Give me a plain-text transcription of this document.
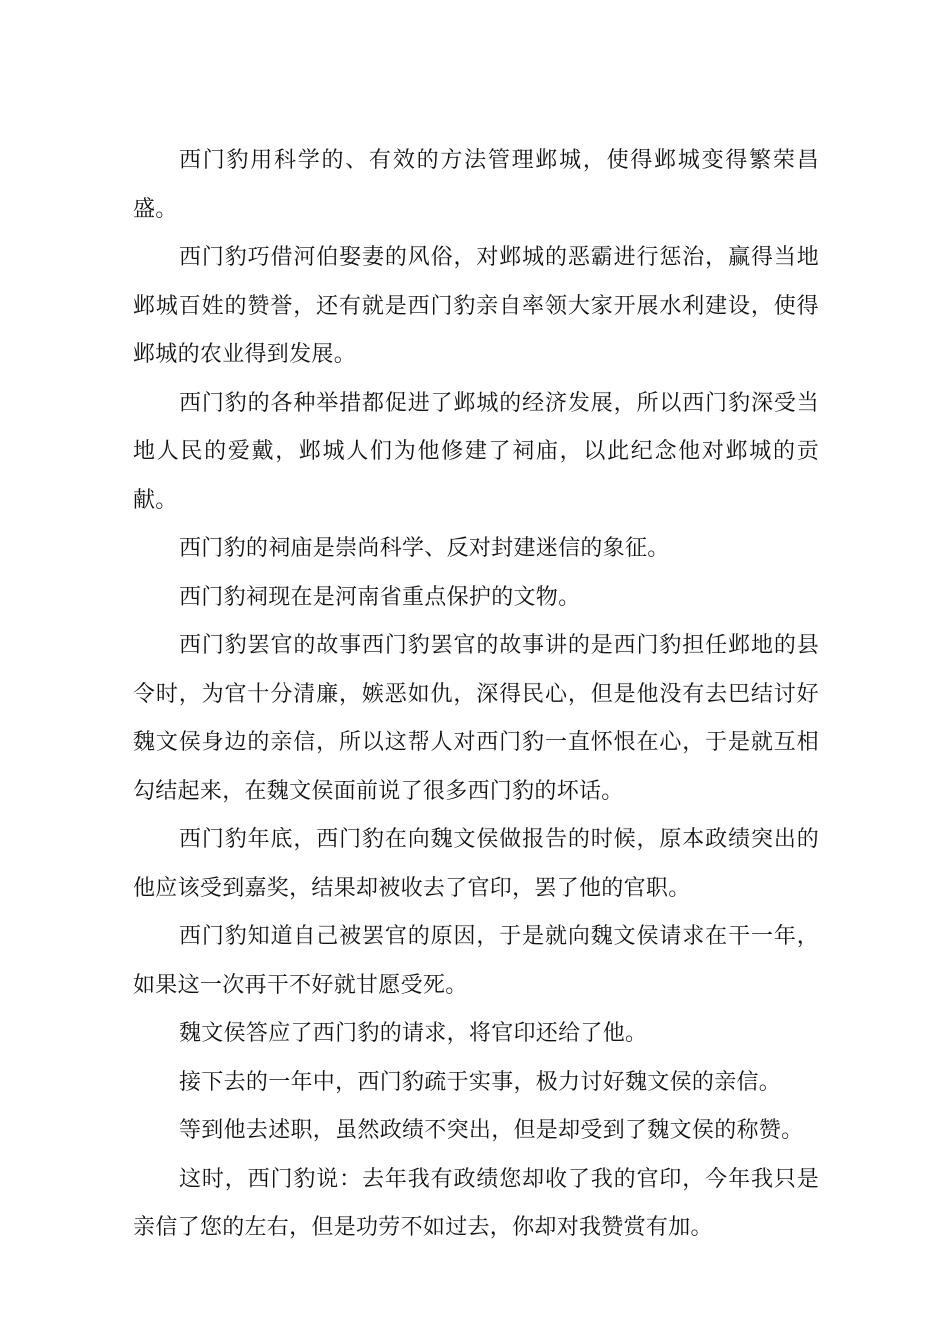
西门豹用科学的、有效的方法管理邺城，使得邺城变得繁荣昌盛。

西门豹巧借河伯娶妻的风俗，对邺城的恶霸进行惩治，赢得当地邺城百姓的赞誉，还有就是西门豹亲自率领大家开展水利建设，使得邺城的农业得到发展。

西门豹的各种举措都促进了邺城的经济发展，所以西门豹深受当地人民的爱戴，邺城人们为他修建了祠庙，以此纪念他对邺城的贡献。

西门豹的祠庙是崇尚科学、反对封建迷信的象征。

西门豹祠现在是河南省重点保护的文物。

西门豹罢官的故事西门豹罢官的故事讲的是西门豹担任邺地的县令时，为官十分清廉，嫉恶如仇，深得民心，但是他没有去巴结讨好魏文侯身边的亲信，所以这帮人对西门豹一直怀恨在心，于是就互相勾结起来，在魏文侯面前说了很多西门豹的坏话。

西门豹年底，西门豹在向魏文侯做报告的时候，原本政绩突出的他应该受到嘉奖，结果却被收去了官印，罢了他的官职。

西门豹知道自己被罢官的原因，于是就向魏文侯请求在干一年，如果这一次再干不好就甘愿受死。

魏文侯答应了西门豹的请求，将官印还给了他。

接下去的一年中，西门豹疏于实事，极力讨好魏文侯的亲信。

等到他去述职，虽然政绩不突出，但是却受到了魏文侯的称赞。

这时，西门豹说：去年我有政绩您却收了我的官印，今年我只是亲信了您的左右，但是功劳不如过去，你却对我赞赏有加。
